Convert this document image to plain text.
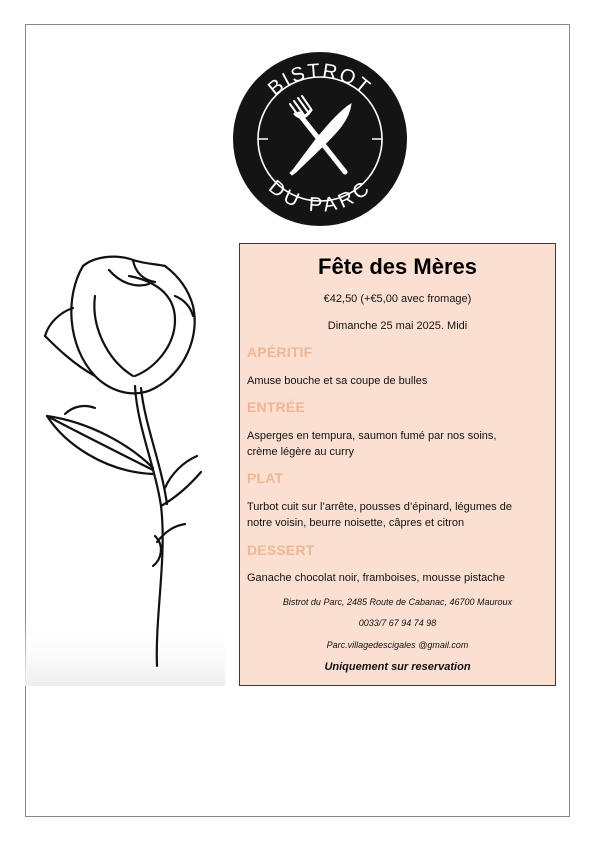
BISTROT
DU PARC
Fête des Mères
€42,50 (+€5,00 avec fromage)
Dimanche 25 mai 2025. Midi
APÉRITIF
Amuse bouche et sa coupe de bulles
ENTRÉE
Asperges en tempura, saumon fumé par nos soins,
crème légère au curry
PLAT
Turbot cuit sur l’arrête, pousses d’épinard, légumes de
notre voisin, beurre noisette, câpres et citron
DESSERT
Ganache chocolat noir, framboises, mousse pistache
Bistrot du Parc, 2485 Route de Cabanac, 46700 Mauroux
0033/7 67 94 74 98
Parc.villagedescigales @gmail.com
Uniquement sur reservation
